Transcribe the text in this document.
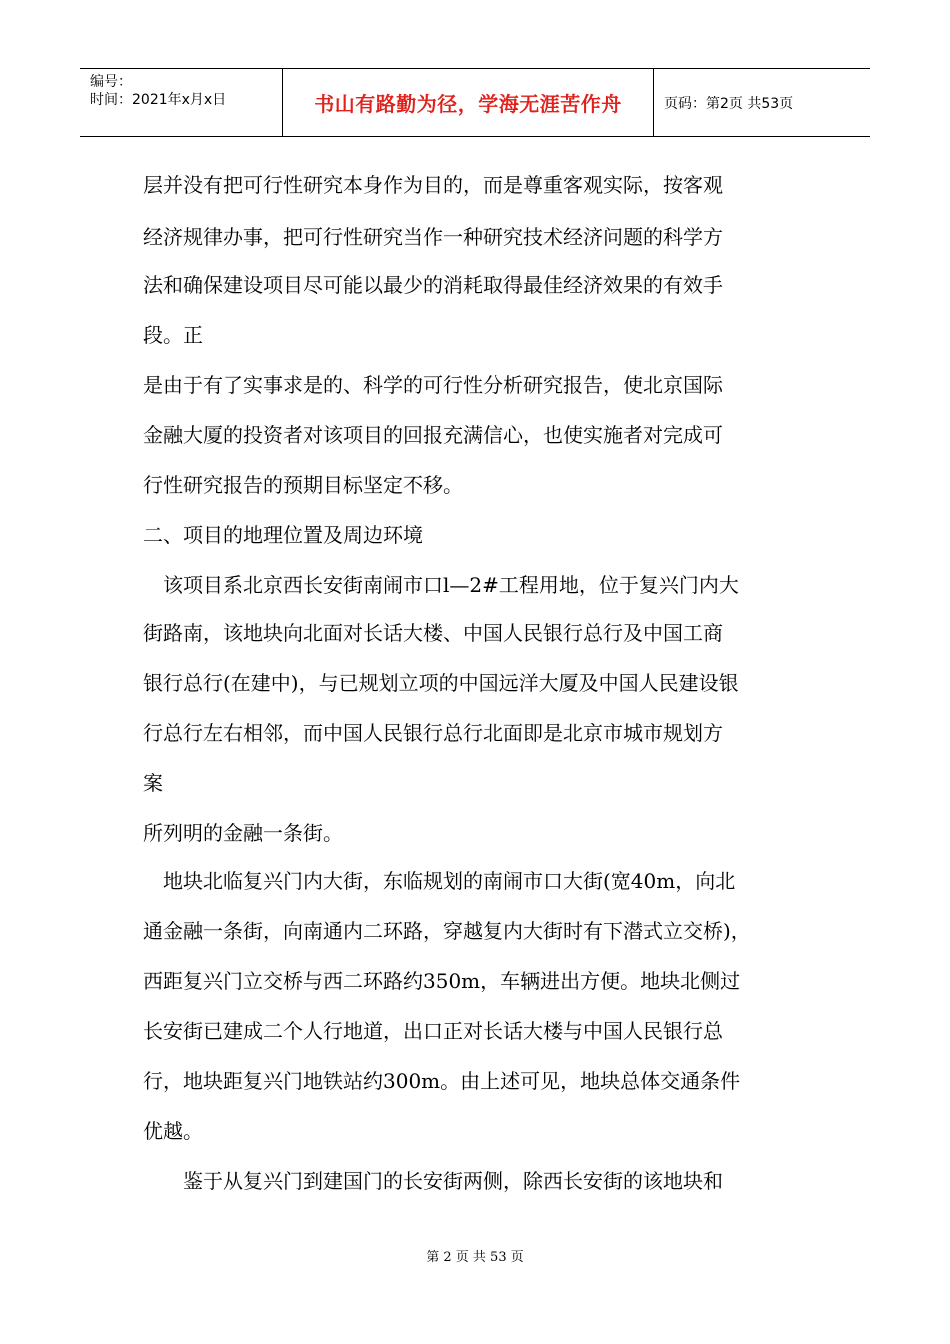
编号：
时间：2021年x月x日	书山有路勤为径，学海无涯苦作舟	页码：第2页 共53页
层并没有把可行性研究本身作为目的，而是尊重客观实际，按客观
经济规律办事，把可行性研究当作一种研究技术经济问题的科学方
法和确保建设项目尽可能以最少的消耗取得最佳经济效果的有效手
段。正
是由于有了实事求是的、科学的可行性分析研究报告，使北京国际
金融大厦的投资者对该项目的回报充满信心，也使实施者对完成可
行性研究报告的预期目标坚定不移。
二、项目的地理位置及周边环境
　该项目系北京西长安街南闹市口l—2#工程用地，位于复兴门内大
街路南，该地块向北面对长话大楼、中国人民银行总行及中国工商
银行总行(在建中)，与已规划立项的中国远洋大厦及中国人民建设银
行总行左右相邻，而中国人民银行总行北面即是北京市城市规划方
案
所列明的金融一条街。
　地块北临复兴门内大街，东临规划的南闹市口大街(宽40m，向北
通金融一条街，向南通内二环路，穿越复内大街时有下潜式立交桥)，
西距复兴门立交桥与西二环路约350m，车辆进出方便。地块北侧过
长安街已建成二个人行地道，出口正对长话大楼与中国人民银行总
行，地块距复兴门地铁站约300m。由上述可见，地块总体交通条件
优越。
　　鉴于从复兴门到建国门的长安街两侧，除西长安街的该地块和
第 2 页 共 53 页
